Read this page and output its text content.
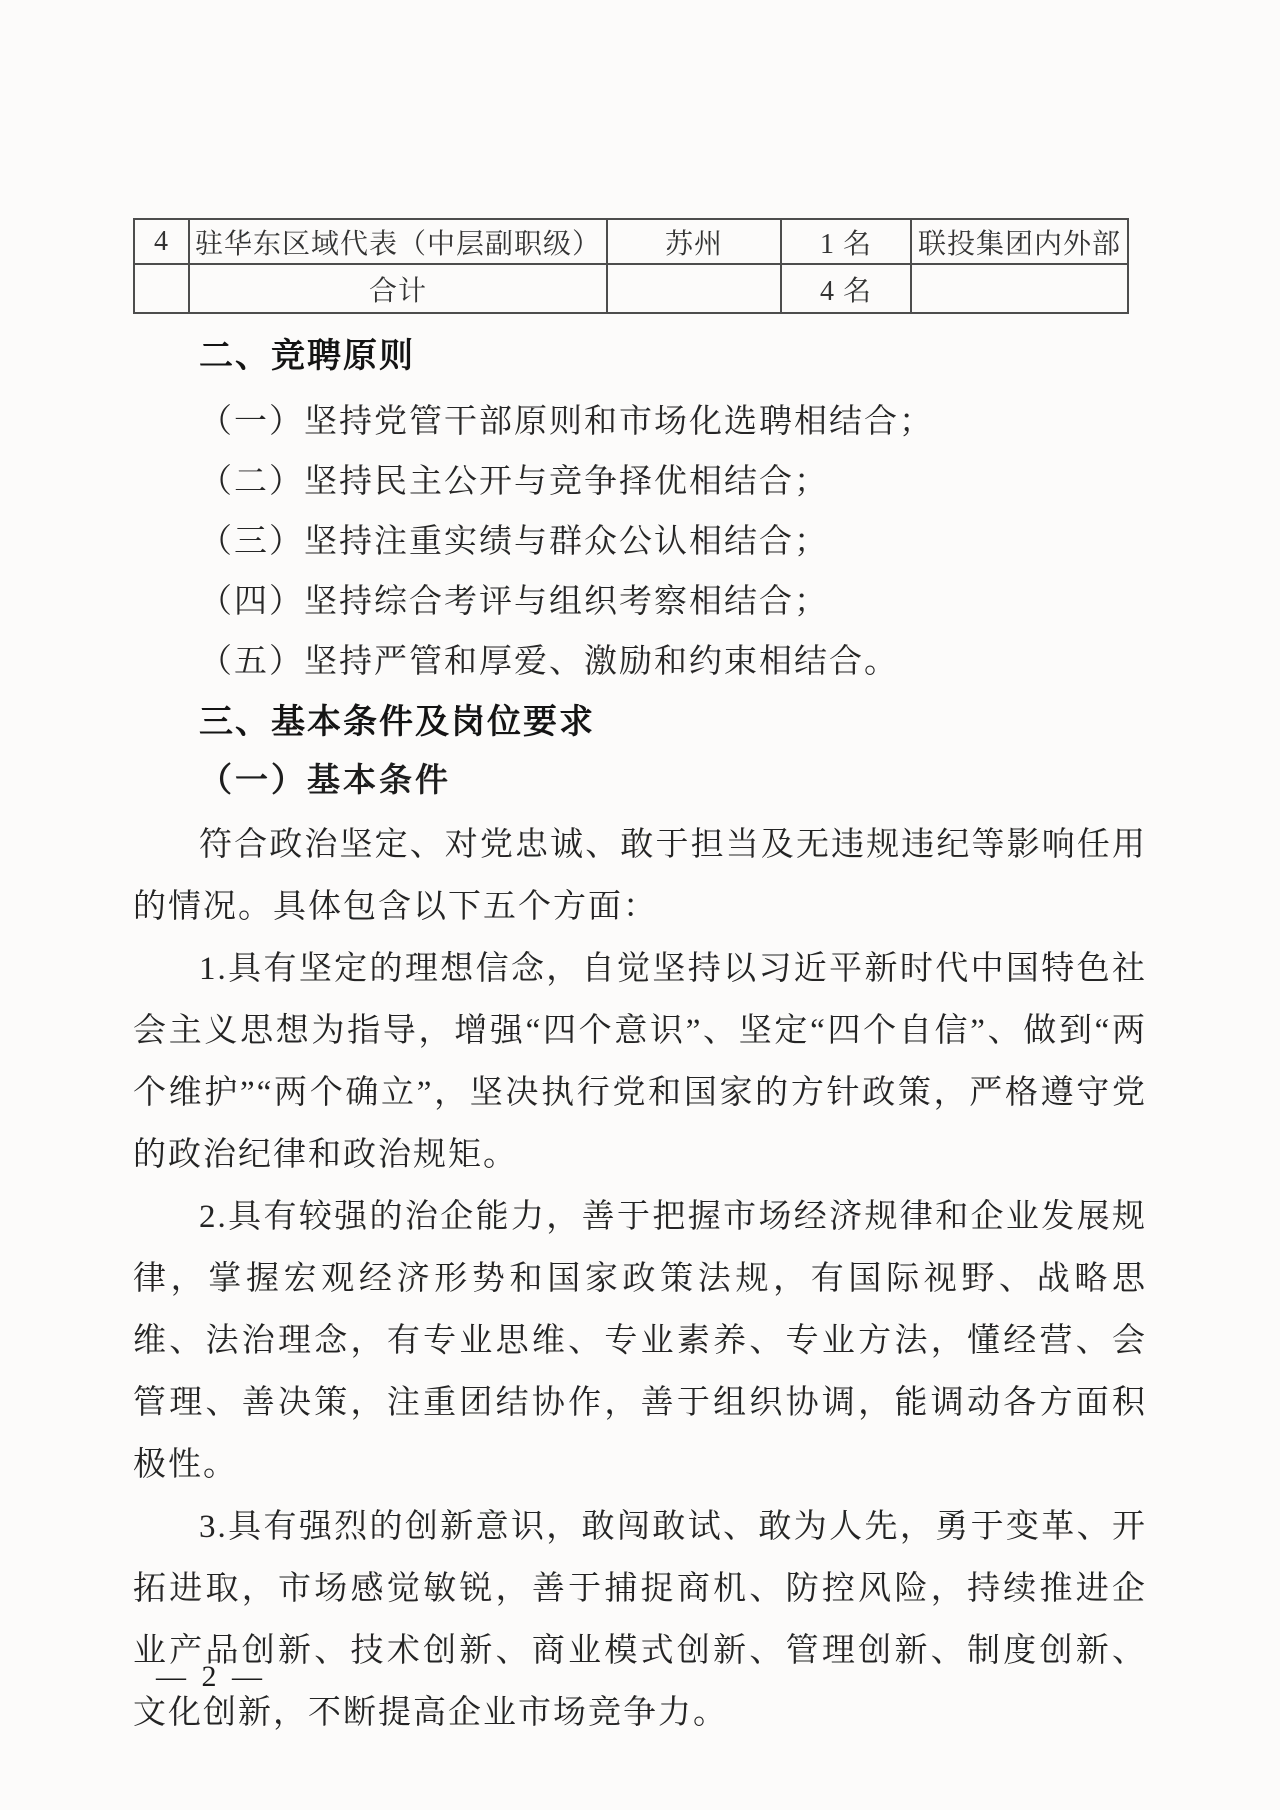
4	驻华东区域代表（中层副职级）	苏州	1 名	联投集团内外部
	合计		4 名	
二、竞聘原则

（一）坚持党管干部原则和市场化选聘相结合；

（二）坚持民主公开与竞争择优相结合；

（三）坚持注重实绩与群众公认相结合；

（四）坚持综合考评与组织考察相结合；

（五）坚持严管和厚爱、激励和约束相结合。

三、基本条件及岗位要求
（一）基本条件

符合政治坚定、对党忠诚、敢于担当及无违规违纪等影响任用的情况。具体包含以下五个方面：

1.具有坚定的理想信念，自觉坚持以习近平新时代中国特色社会主义思想为指导，增强“四个意识”、坚定“四个自信”、做到“两个维护”“两个确立”，坚决执行党和国家的方针政策，严格遵守党的政治纪律和政治规矩。

2.具有较强的治企能力，善于把握市场经济规律和企业发展规律，掌握宏观经济形势和国家政策法规，有国际视野、战略思维、法治理念，有专业思维、专业素养、专业方法，懂经营、会管理、善决策，注重团结协作，善于组织协调，能调动各方面积极性。

3.具有强烈的创新意识，敢闯敢试、敢为人先，勇于变革、开拓进取，市场感觉敏锐，善于捕捉商机、防控风险，持续推进企业产品创新、技术创新、商业模式创新、管理创新、制度创新、文化创新，不断提高企业市场竞争力。

— 2 —
